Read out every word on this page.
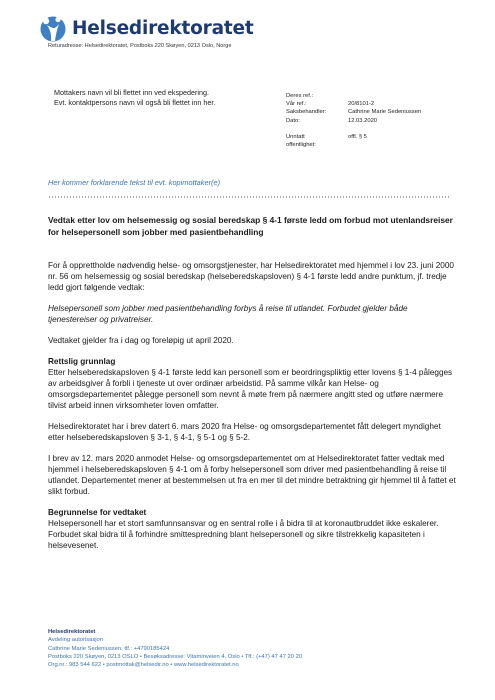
Helsedirektoratet
Returadresse: Helsedirektoratet, Postboks 220 Skøyen, 0213 Oslo, Norge
Mottakers navn vil bli flettet inn ved ekspedering.
Evt. kontaktpersons navn vil også bli flettet inn her.
Deres ref.:
Vår ref.:	20/8101-2
Saksbehandler:	Cathrine Marie Sedeniussen
Dato:	12.03.2020
Unntatt	offl. § 5
offentlighet:
Her kommer forklarende tekst til evt. kopimottaker(e)

Vedtak etter lov om helsemessig og sosial beredskap § 4-1 første ledd om forbud mot utenlandsreiser for helsepersonell som jobber med pasientbehandling

For å opprettholde nødvendig helse- og omsorgstjenester, har Helsedirektoratet med hjemmel i lov 23. juni 2000 nr. 56 om helsemessig og sosial beredskap (helseberedskapsloven) § 4-1 første ledd andre punktum, jf. tredje ledd gjort følgende vedtak:

Helsepersonell som jobber med pasientbehandling forbys å reise til utlandet. Forbudet gjelder både tjenestereiser og privatreiser.

Vedtaket gjelder fra i dag og foreløpig ut april 2020.

Rettslig grunnlag

Etter helseberedskapsloven § 4-1 første ledd kan personell som er beordringspliktig etter lovens § 1-4 pålegges av arbeidsgiver å forbli i tjeneste ut over ordinær arbeidstid. På samme vilkår kan Helse- og omsorgsdepartementet pålegge personell som nevnt å møte frem på nærmere angitt sted og utføre nærmere tilvist arbeid innen virksomheter loven omfatter.

Helsedirektoratet har i brev datert 6. mars 2020 fra Helse- og omsorgsdepartementet fått delegert myndighet etter helseberedskapsloven § 3-1, § 4-1, § 5-1 og § 5-2.

I brev av 12. mars 2020 anmodet Helse- og omsorgsdepartementet om at Helsedirektoratet fatter vedtak med hjemmel i helseberedskapsloven § 4-1 om å forby helsepersonell som driver med pasientbehandling å reise til utlandet. Departementet mener at bestemmelsen ut fra en mer til det mindre betraktning gir hjemmel til å fattet et slikt forbud.

Begrunnelse for vedtaket

Helsepersonell har et stort samfunnsansvar og en sentral rolle i å bidra til at koronautbruddet ikke eskalerer. Forbudet skal bidra til å forhindre smittespredning blant helsepersonell og sikre tilstrekkelig kapasiteten i helsevesenet.

Helsedirektoratet
Avdeling autorisasjon
Cathrine Marie Sedeniussen, tlf.: +4790185424
Postboks 220 Skøyen, 0213 OSLO • Besøksadresse: Vitaminveien 4, Oslo • Tlf.: (+47) 47 47 20 20
Org.nr.: 983 544 622 • postmottak@helsedir.no • www.helsedirektoratet.no
